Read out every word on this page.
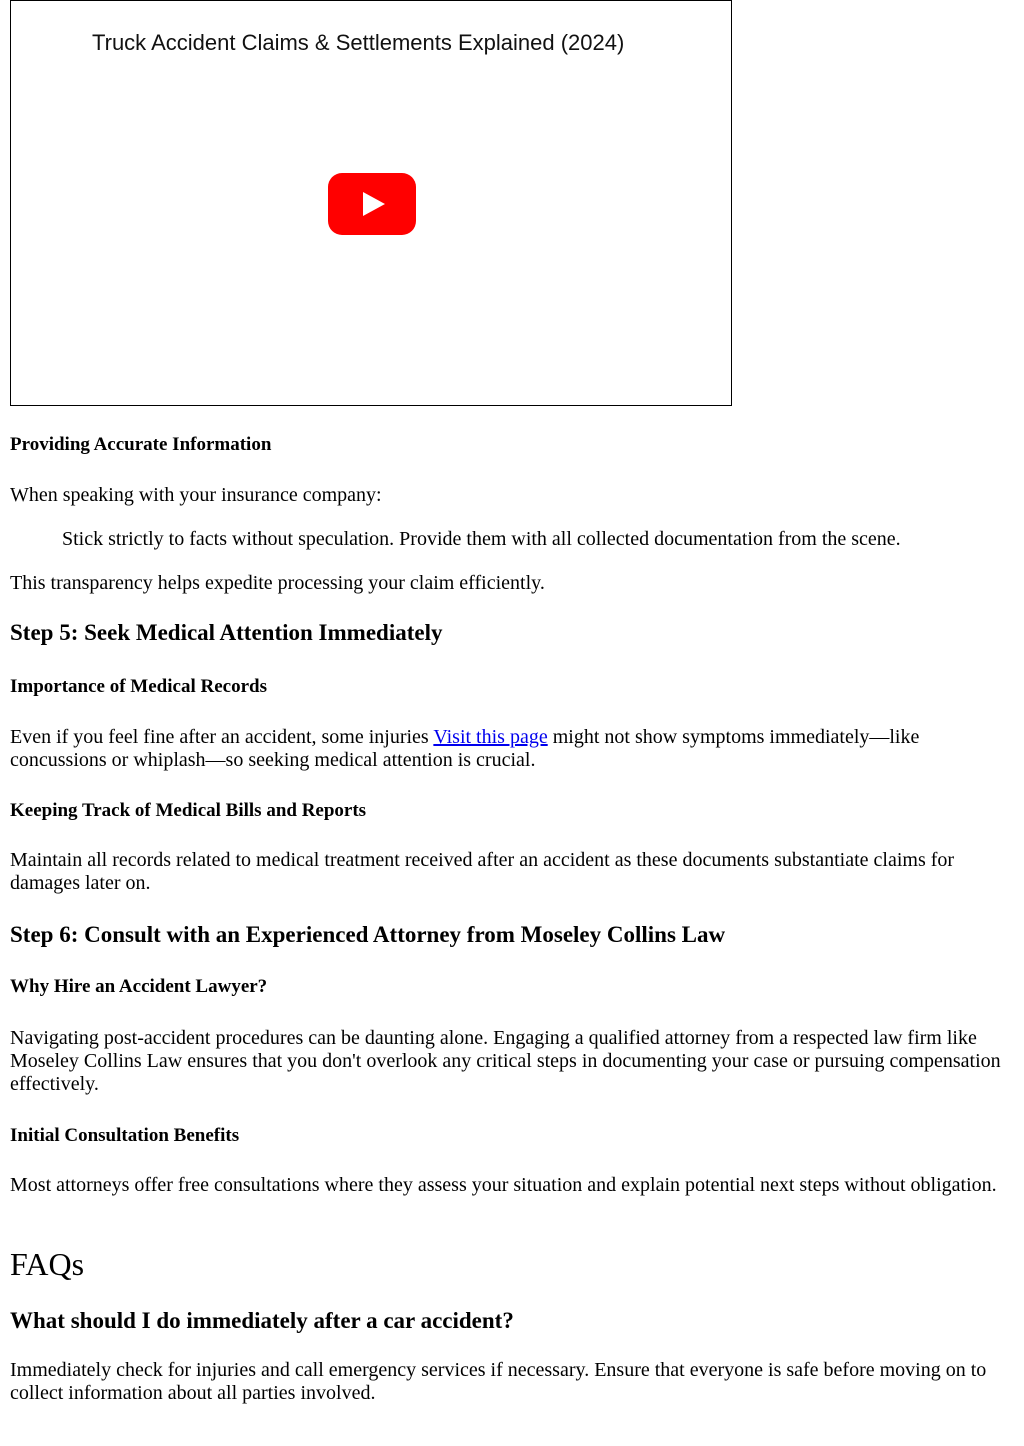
Truck Accident Claims & Settlements Explained (2024)
Providing Accurate Information

When speaking with your insurance company:

Stick strictly to facts without speculation. Provide them with all collected documentation from the scene.

This transparency helps expedite processing your claim efficiently.

Step 5: Seek Medical Attention Immediately
Importance of Medical Records

Even if you feel fine after an accident, some injuries Visit this page might not show symptoms immediately—like concussions or whiplash—so seeking medical attention is crucial.

Keeping Track of Medical Bills and Reports

Maintain all records related to medical treatment received after an accident as these documents substantiate claims for damages later on.

Step 6: Consult with an Experienced Attorney from Moseley Collins Law
Why Hire an Accident Lawyer?

Navigating post-accident procedures can be daunting alone. Engaging a qualified attorney from a respected law firm like Moseley Collins Law ensures that you don't overlook any critical steps in documenting your case or pursuing compensation effectively.

Initial Consultation Benefits

Most attorneys offer free consultations where they assess your situation and explain potential next steps without obligation.

FAQs
What should I do immediately after a car accident?

Immediately check for injuries and call emergency services if necessary. Ensure that everyone is safe before moving on to collect information about all parties involved.
